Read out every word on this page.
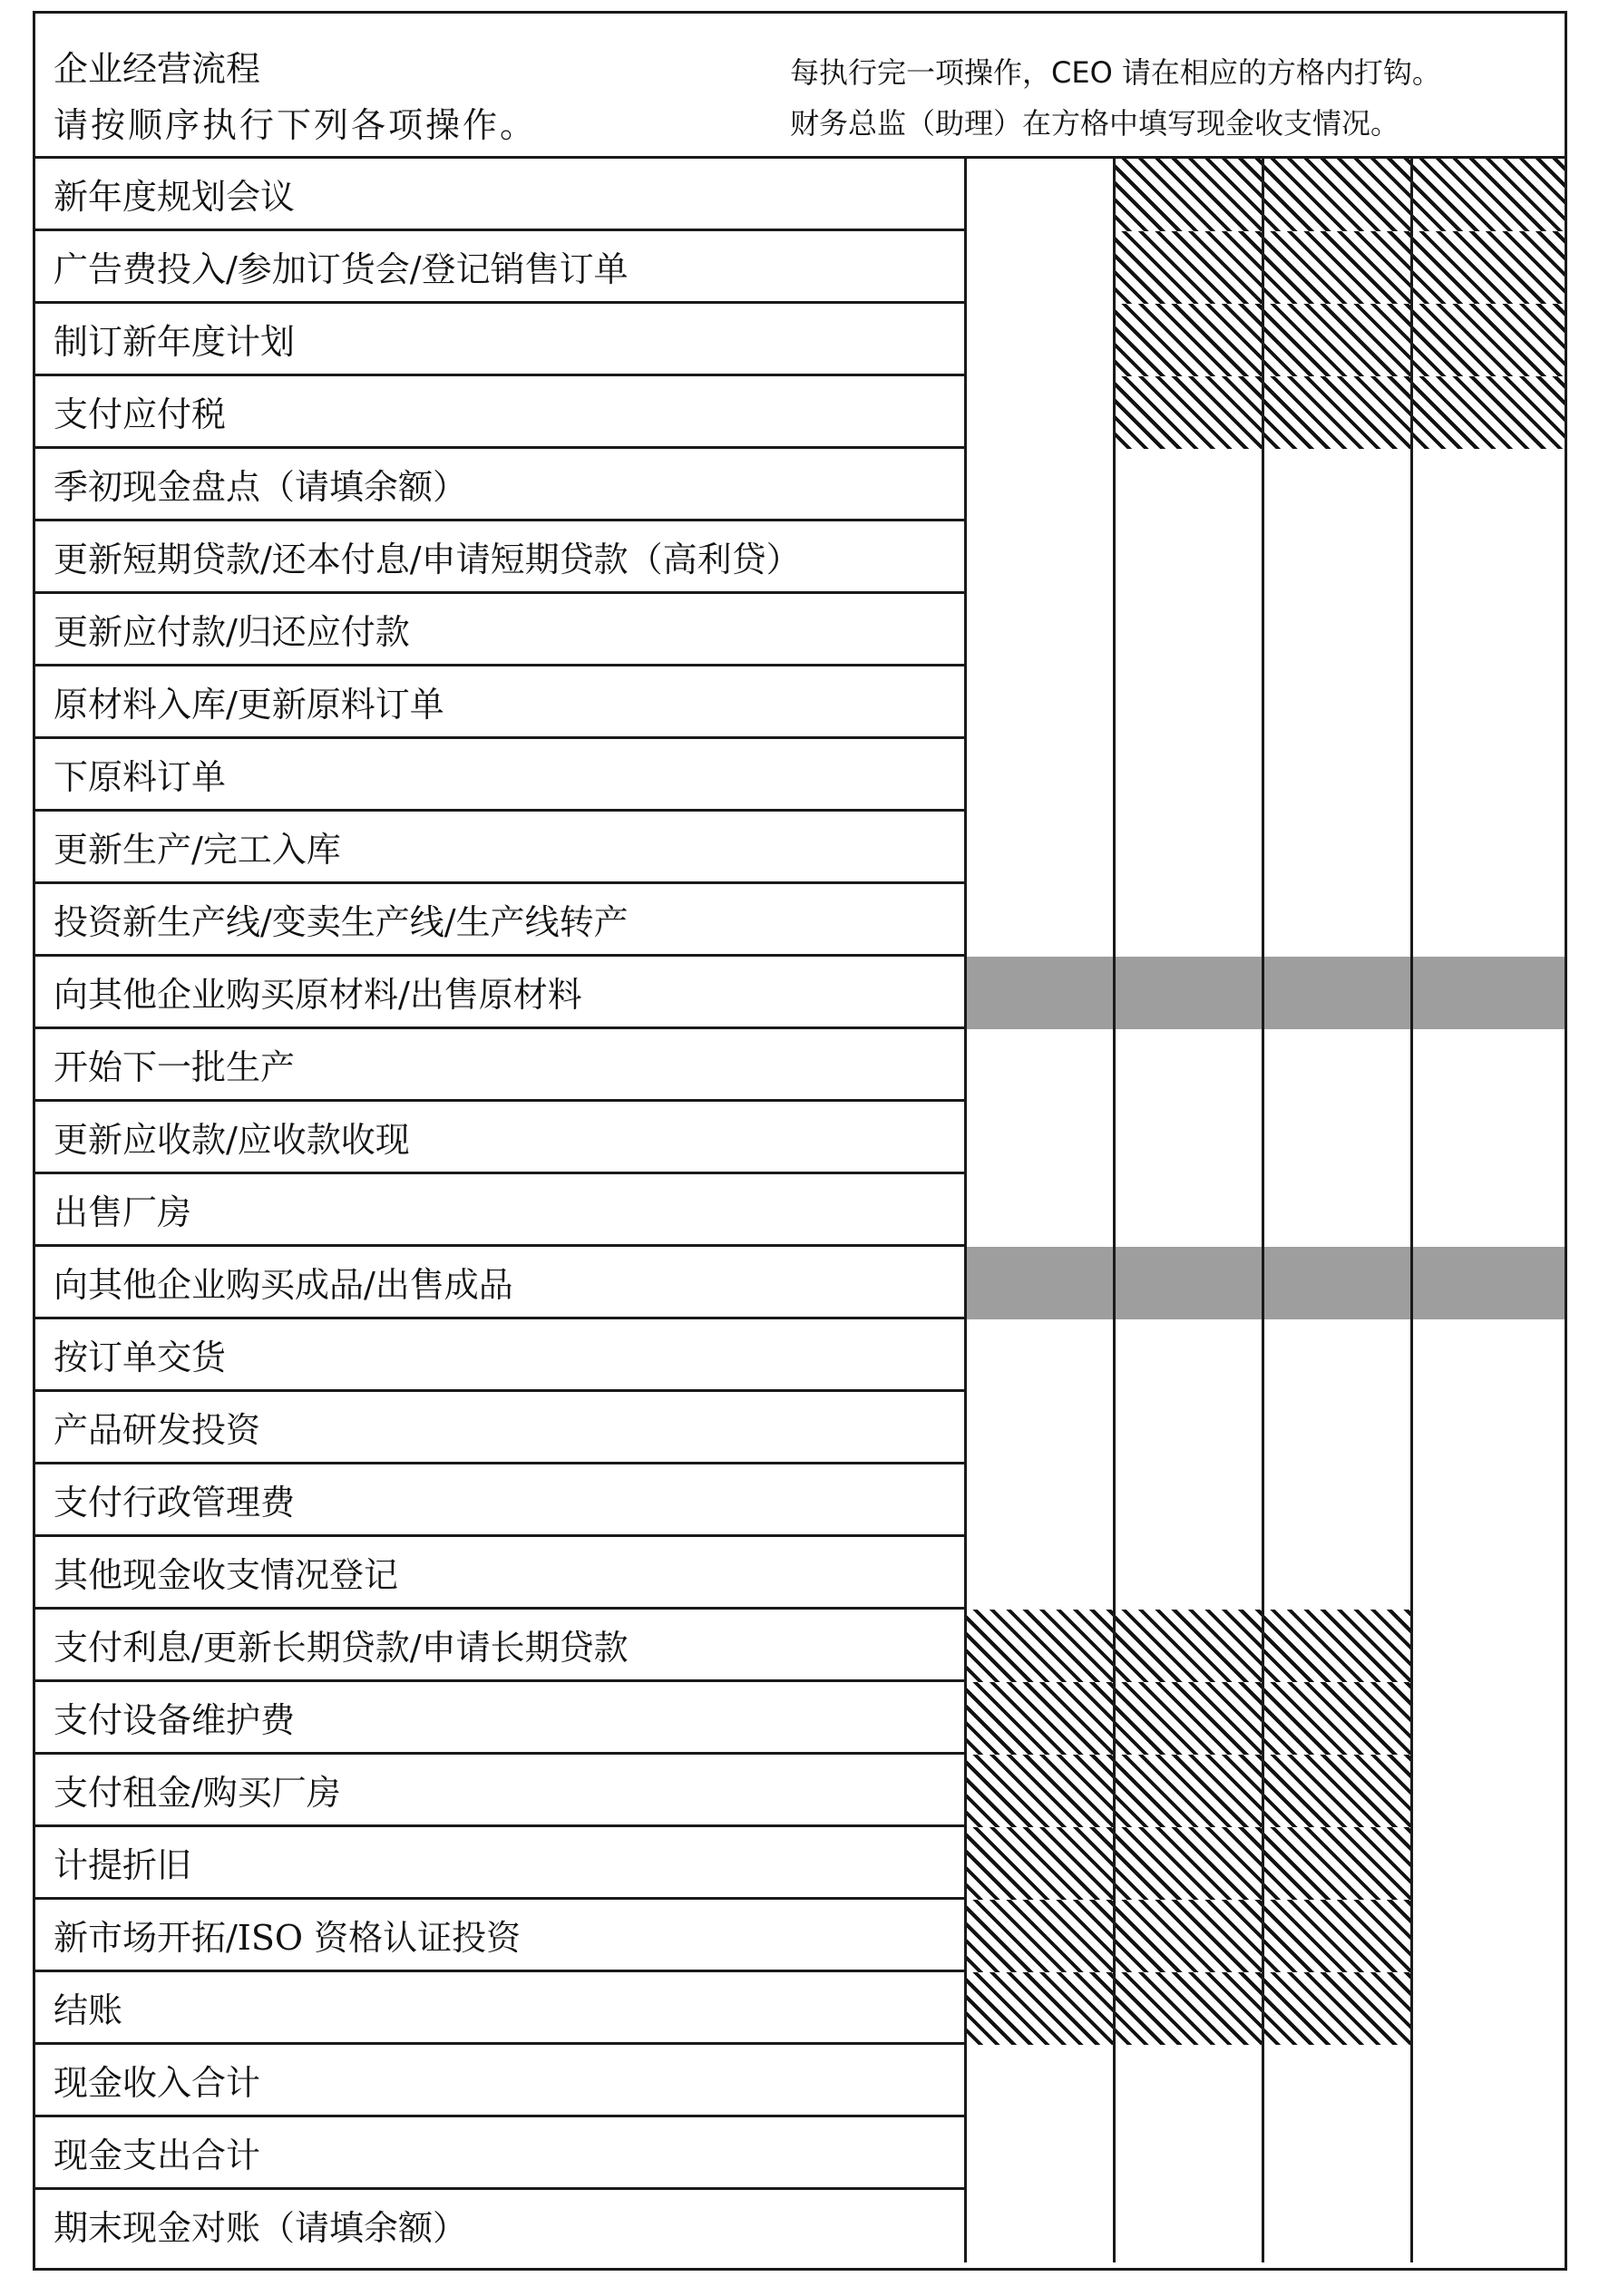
企业经营流程
请按顺序执行下列各项操作。
每执行完一项操作，CEO 请在相应的方格内打钩。
财务总监（助理）在方格中填写现金收支情况。
新年度规划会议
广告费投入/参加订货会/登记销售订单
制订新年度计划
支付应付税
季初现金盘点（请填余额）
更新短期贷款/还本付息/申请短期贷款（高利贷）
更新应付款/归还应付款
原材料入库/更新原料订单
下原料订单
更新生产/完工入库
投资新生产线/变卖生产线/生产线转产
向其他企业购买原材料/出售原材料
开始下一批生产
更新应收款/应收款收现
出售厂房
向其他企业购买成品/出售成品
按订单交货
产品研发投资
支付行政管理费
其他现金收支情况登记
支付利息/更新长期贷款/申请长期贷款
支付设备维护费
支付租金/购买厂房
计提折旧
新市场开拓/ISO 资格认证投资
结账
现金收入合计
现金支出合计
期末现金对账（请填余额）
